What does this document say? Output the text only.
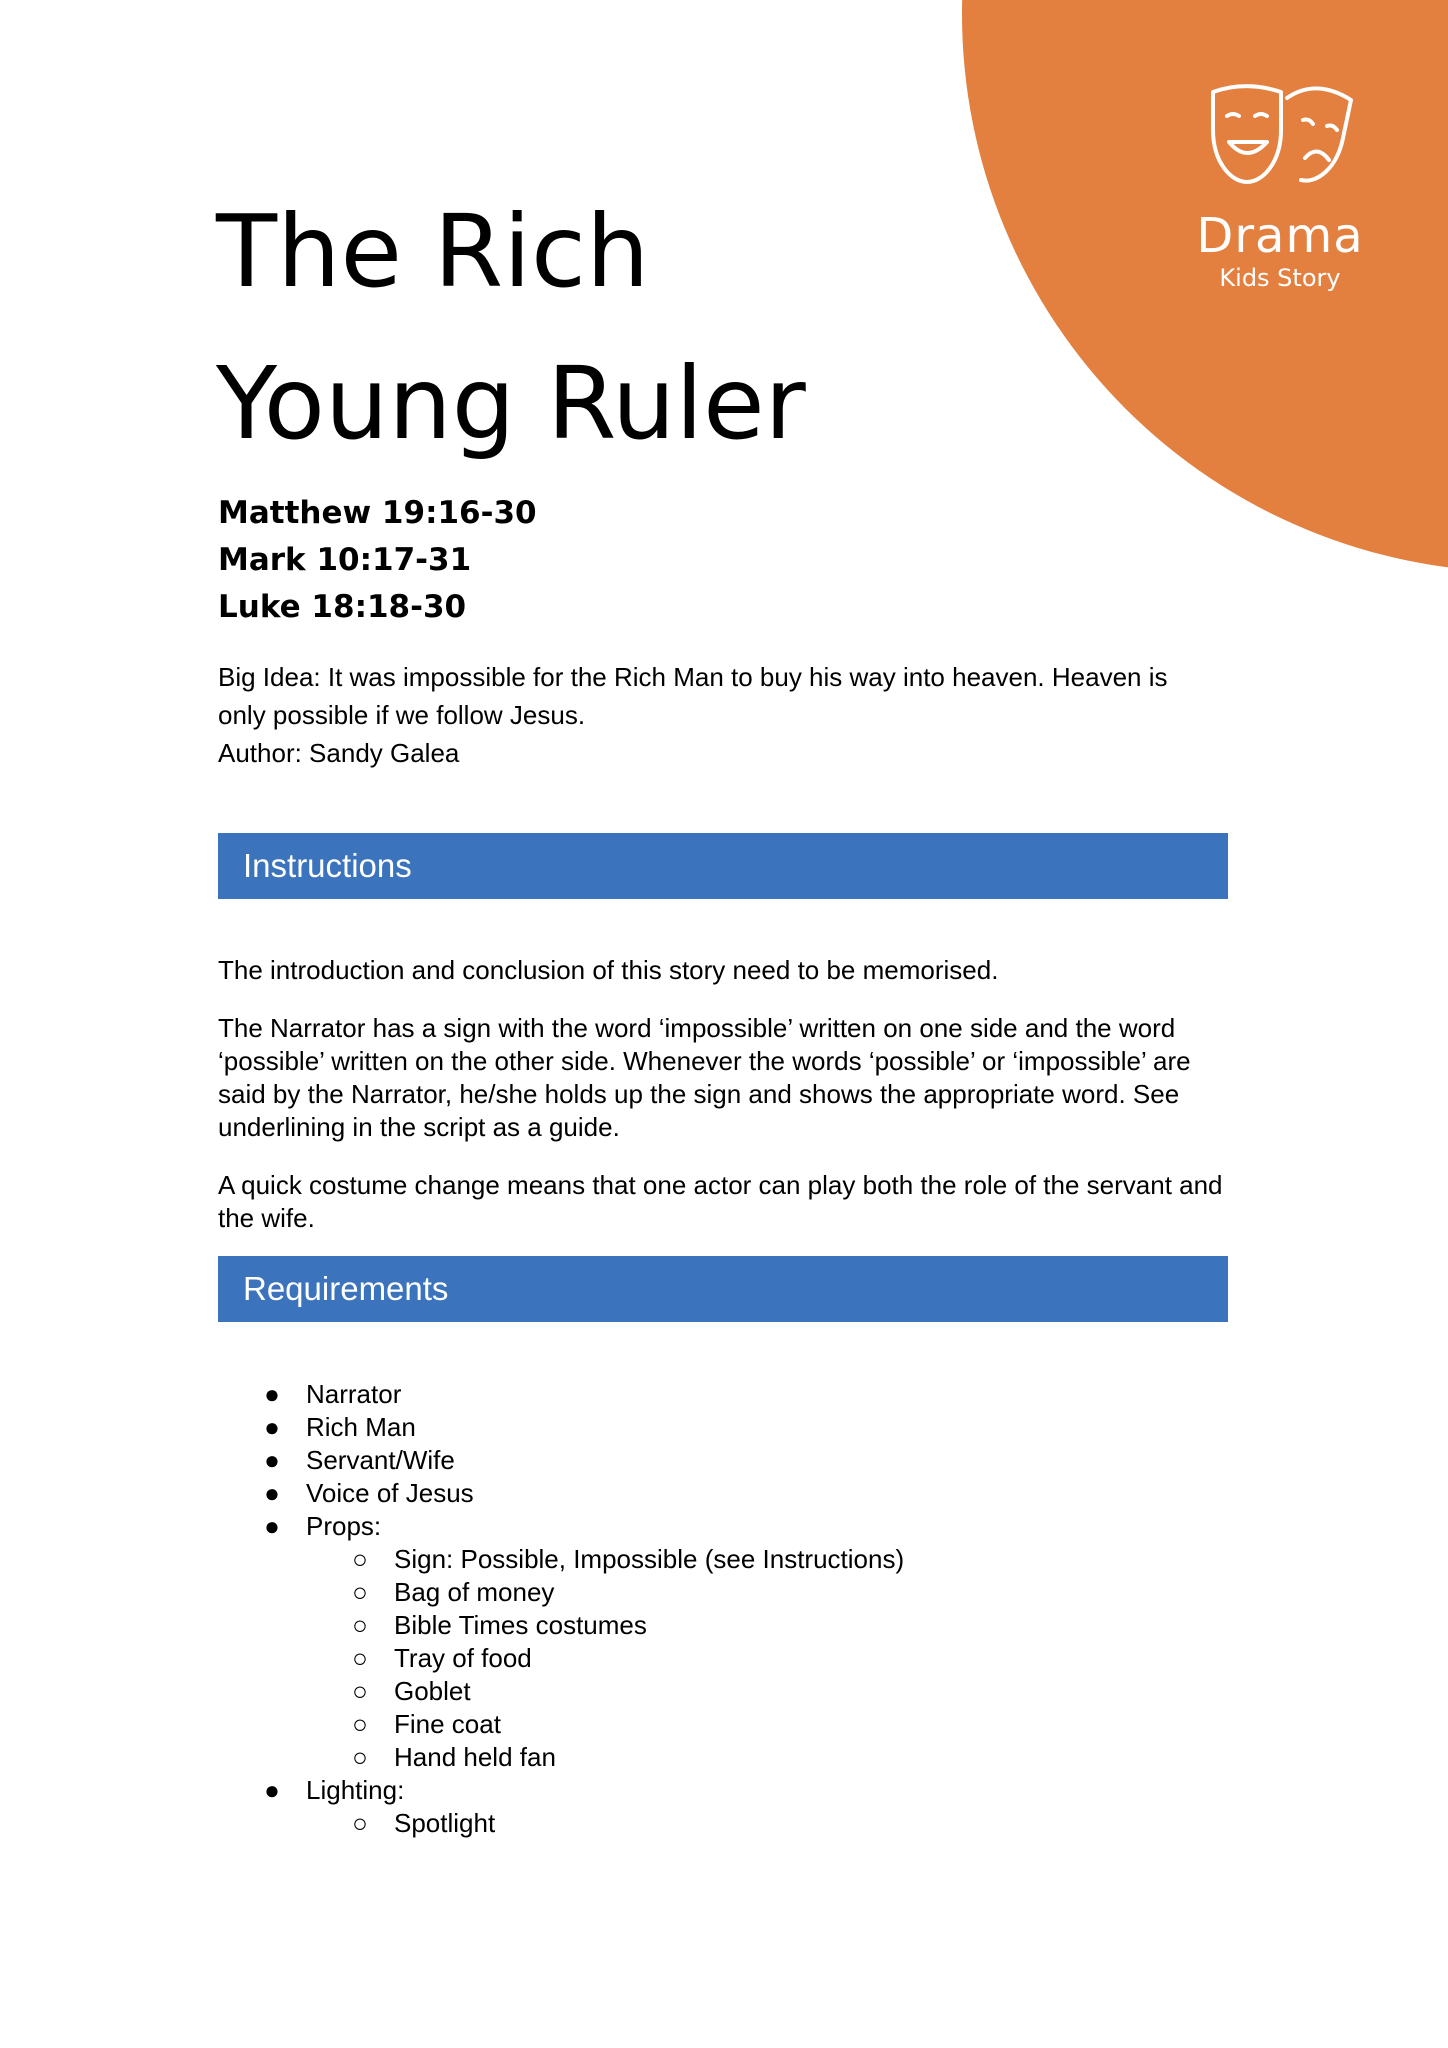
Drama
Kids Story
The Rich
Young Ruler
Matthew 19:16-30
Mark 10:17-31
Luke 18:18-30
Big Idea: It was impossible for the Rich Man to buy his way into heaven. Heaven is
only possible if we follow Jesus.
Author: Sandy Galea
Instructions

The introduction and conclusion of this story need to be memorised.

The Narrator has a sign with the word ‘impossible’ written on one side and the word ‘possible’ written on the other side. Whenever the words ‘possible’ or ‘impossible’ are said by the Narrator, he/she holds up the sign and shows the appropriate word. See underlining in the script as a guide.

A quick costume change means that one actor can play both the role of the servant and the wife.

Requirements
● Narrator
● Rich Man
● Servant/Wife
● Voice of Jesus
● Props:
○ Sign: Possible, Impossible (see Instructions)
○ Bag of money
○ Bible Times costumes
○ Tray of food
○ Goblet
○ Fine coat
○ Hand held fan
● Lighting:
○ Spotlight
